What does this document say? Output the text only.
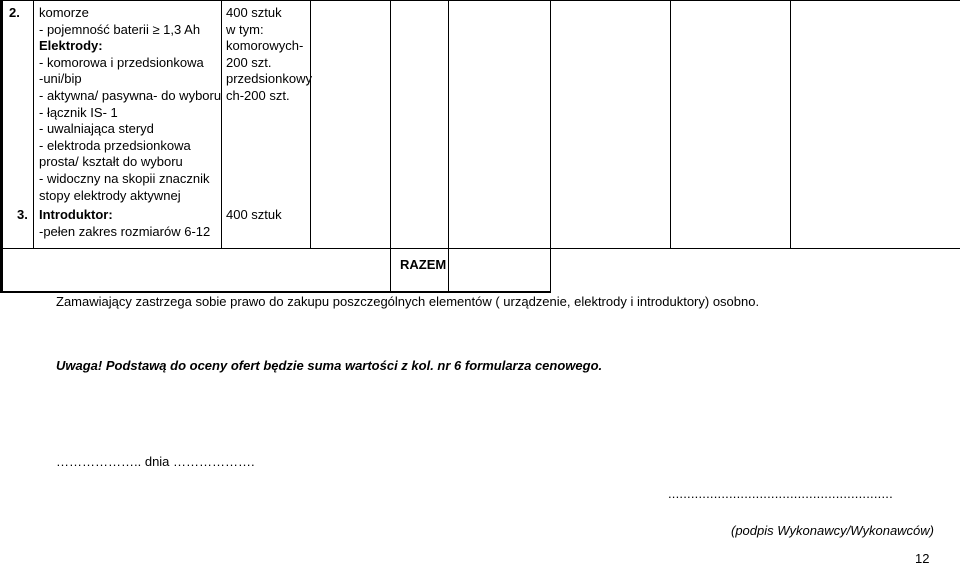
2. komorze
- pojemność baterii ≥ 1,3 Ah
Elektrody:
- komorowa i przedsionkowa
-uni/bip
- aktywna/ pasywna- do wyboru
- łącznik IS- 1
- uwalniająca steryd
- elektroda przedsionkowa
prosta/ kształt do wyboru
- widoczny na skopii znacznik
stopy elektrody aktywnej
400 sztuk
w tym:
komorowych-
200 szt.
przedsionkowy
ch-200 szt.
3. Introduktor:
-pełen zakres rozmiarów 6-12
400 sztuk
RAZEM
Zamawiający zastrzega sobie prawo do zakupu poszczególnych elementów ( urządzenie, elektrody i introduktory) osobno.
Uwaga! Podstawą do oceny ofert będzie suma wartości z kol. nr 6 formularza cenowego.
……………….. dnia ……………….
...........................................................
(podpis Wykonawcy/Wykonawców)
12
